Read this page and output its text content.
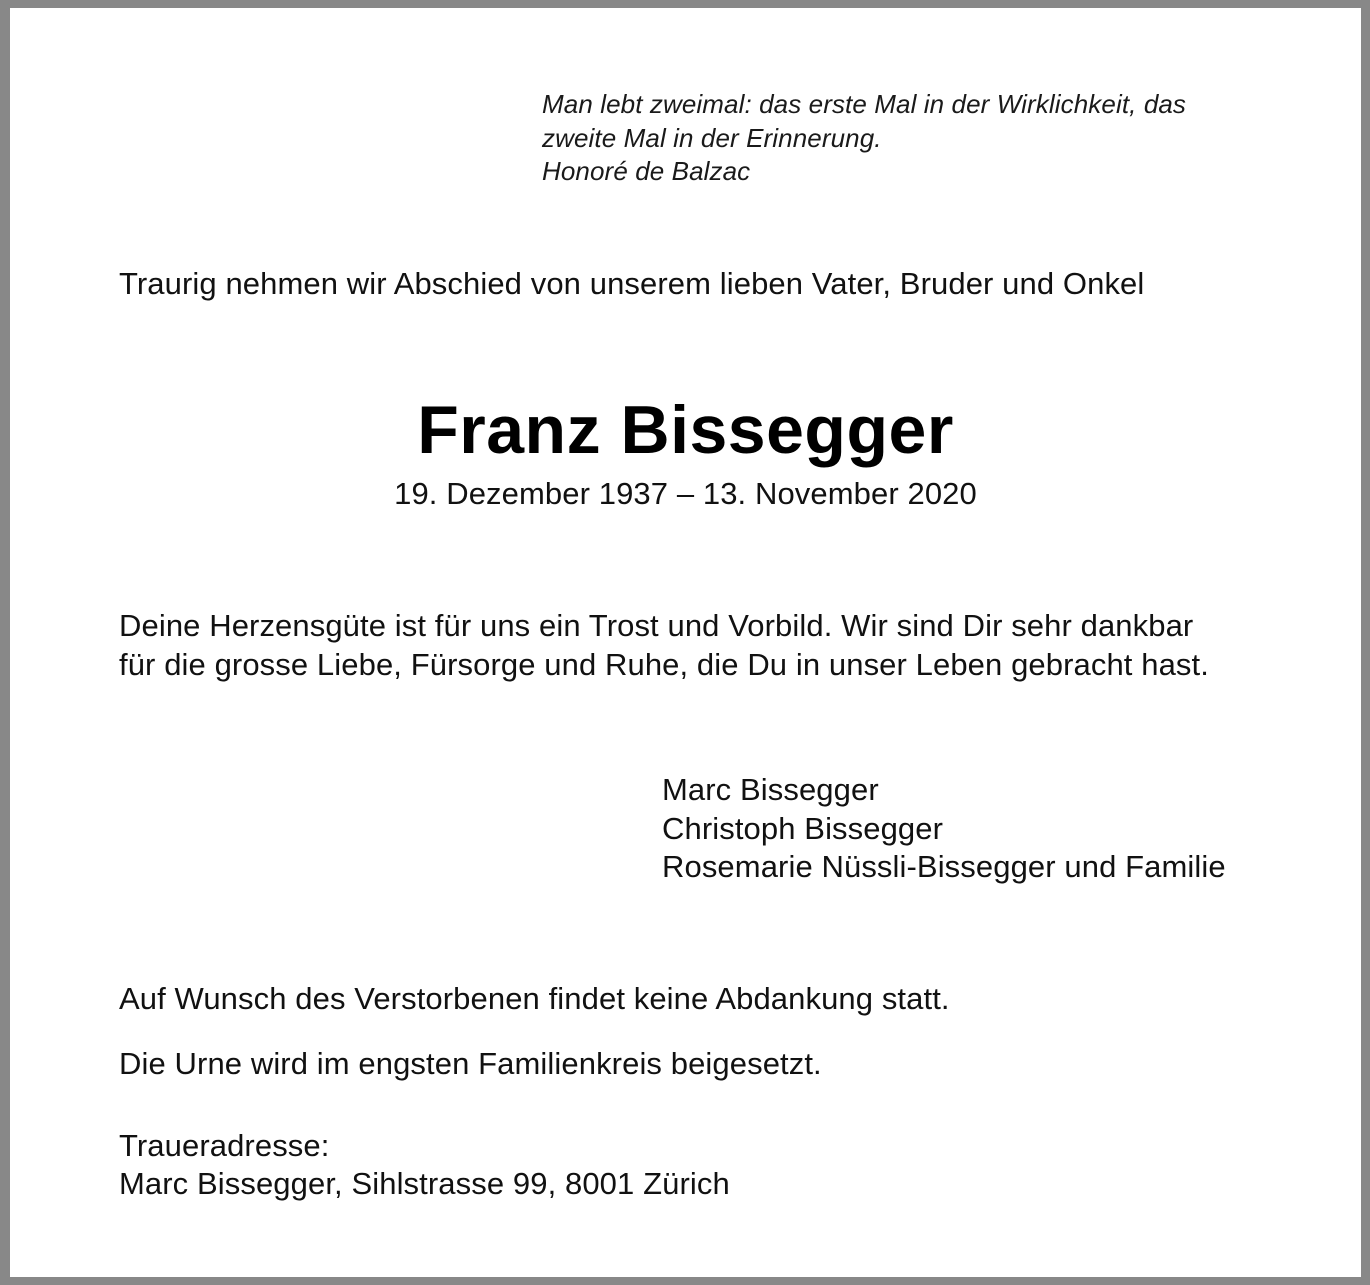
Man lebt zweimal: das erste Mal in der Wirklichkeit, das
zweite Mal in der Erinnerung.
Honoré de Balzac

Traurig nehmen wir Abschied von unserem lieben Vater, Bruder und Onkel

Franz Bissegger

19. Dezember 1937 – 13. November 2020

Deine Herzensgüte ist für uns ein Trost und Vorbild. Wir sind Dir sehr dankbar
für die grosse Liebe, Fürsorge und Ruhe, die Du in unser Leben gebracht hast.
Marc Bissegger
Christoph Bissegger
Rosemarie Nüssli-Bissegger und Familie

Auf Wunsch des Verstorbenen findet keine Abdankung statt.

Die Urne wird im engsten Familienkreis beigesetzt.

Traueradresse:
Marc Bissegger, Sihlstrasse 99, 8001 Zürich
